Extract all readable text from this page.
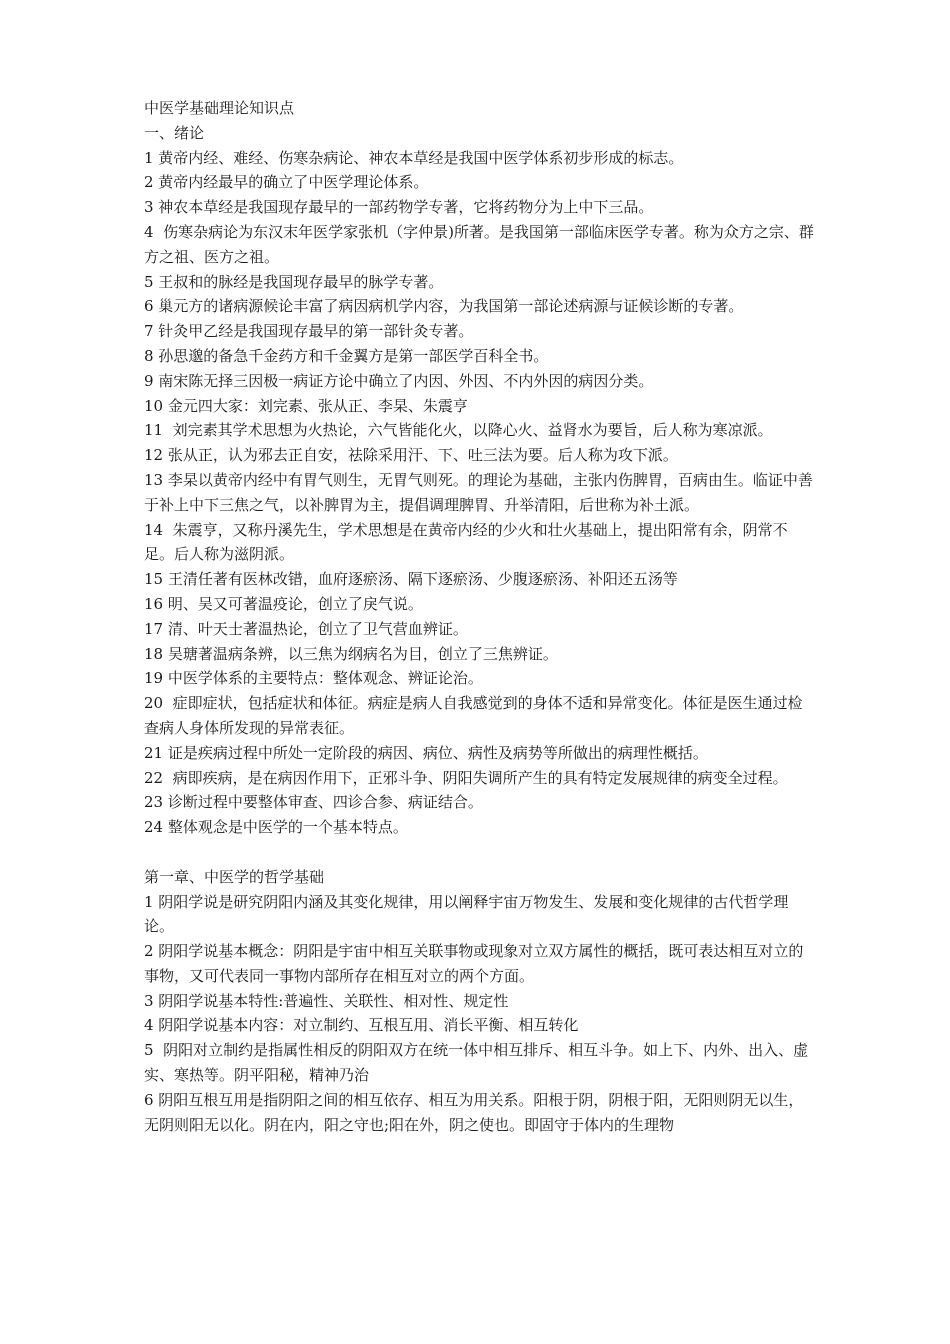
中医学基础理论知识点
一、绪论
1 黄帝内经、难经、伤寒杂病论、神农本草经是我国中医学体系初步形成的标志。
2 黄帝内经最早的确立了中医学理论体系。
3 神农本草经是我国现存最早的一部药物学专著，它将药物分为上中下三品。
4  伤寒杂病论为东汉末年医学家张机（字仲景)所著。是我国第一部临床医学专著。称为众方之宗、群方之祖、医方之祖。
5 王叔和的脉经是我国现存最早的脉学专著。
6 巢元方的诸病源候论丰富了病因病机学内容，为我国第一部论述病源与证候诊断的专著。
7 针灸甲乙经是我国现存最早的第一部针灸专著。
8 孙思邈的备急千金药方和千金翼方是第一部医学百科全书。
9 南宋陈无择三因极一病证方论中确立了内因、外因、不内外因的病因分类。
10 金元四大家：刘完素、张从正、李杲、朱震亨
11  刘完素其学术思想为火热论，六气皆能化火，以降心火、益肾水为要旨，后人称为寒凉派。
12 张从正，认为邪去正自安，祛除采用汗、下、吐三法为要。后人称为攻下派。
13 李杲以黄帝内经中有胃气则生，无胃气则死。的理论为基础，主张内伤脾胃，百病由生。临证中善于补上中下三焦之气，以补脾胃为主，提倡调理脾胃、升举清阳，后世称为补土派。
14  朱震亨，又称丹溪先生，学术思想是在黄帝内经的少火和壮火基础上，提出阳常有余，阴常不足。后人称为滋阴派。
15 王清任著有医林改错，血府逐瘀汤、隔下逐瘀汤、少腹逐瘀汤、补阳还五汤等
16 明、吴又可著温疫论，创立了戾气说。
17 清、叶天士著温热论，创立了卫气营血辨证。
18 吴瑭著温病条辨，以三焦为纲病名为目，创立了三焦辨证。
19 中医学体系的主要特点：整体观念、辨证论治。
20  症即症状，包括症状和体征。病症是病人自我感觉到的身体不适和异常变化。体征是医生通过检查病人身体所发现的异常表征。
21 证是疾病过程中所处一定阶段的病因、病位、病性及病势等所做出的病理性概括。
22  病即疾病，是在病因作用下，正邪斗争、阴阳失调所产生的具有特定发展规律的病变全过程。
23 诊断过程中要整体审查、四诊合参、病证结合。
24 整体观念是中医学的一个基本特点。
第一章、中医学的哲学基础
1 阴阳学说是研究阴阳内涵及其变化规律，用以阐释宇宙万物发生、发展和变化规律的古代哲学理论。
2 阴阳学说基本概念：阴阳是宇宙中相互关联事物或现象对立双方属性的概括，既可表达相互对立的事物，又可代表同一事物内部所存在相互对立的两个方面。
3 阴阳学说基本特性:普遍性、关联性、相对性、规定性
4 阴阳学说基本内容：对立制约、互根互用、消长平衡、相互转化
5  阴阳对立制约是指属性相反的阴阳双方在统一体中相互排斥、相互斗争。如上下、内外、出入、虚实、寒热等。阴平阳秘，精神乃治
6 阴阳互根互用是指阴阳之间的相互依存、相互为用关系。阳根于阴，阴根于阳，无阳则阴无以生，无阴则阳无以化。阴在内，阳之守也;阳在外，阴之使也。即固守于体内的生理物
